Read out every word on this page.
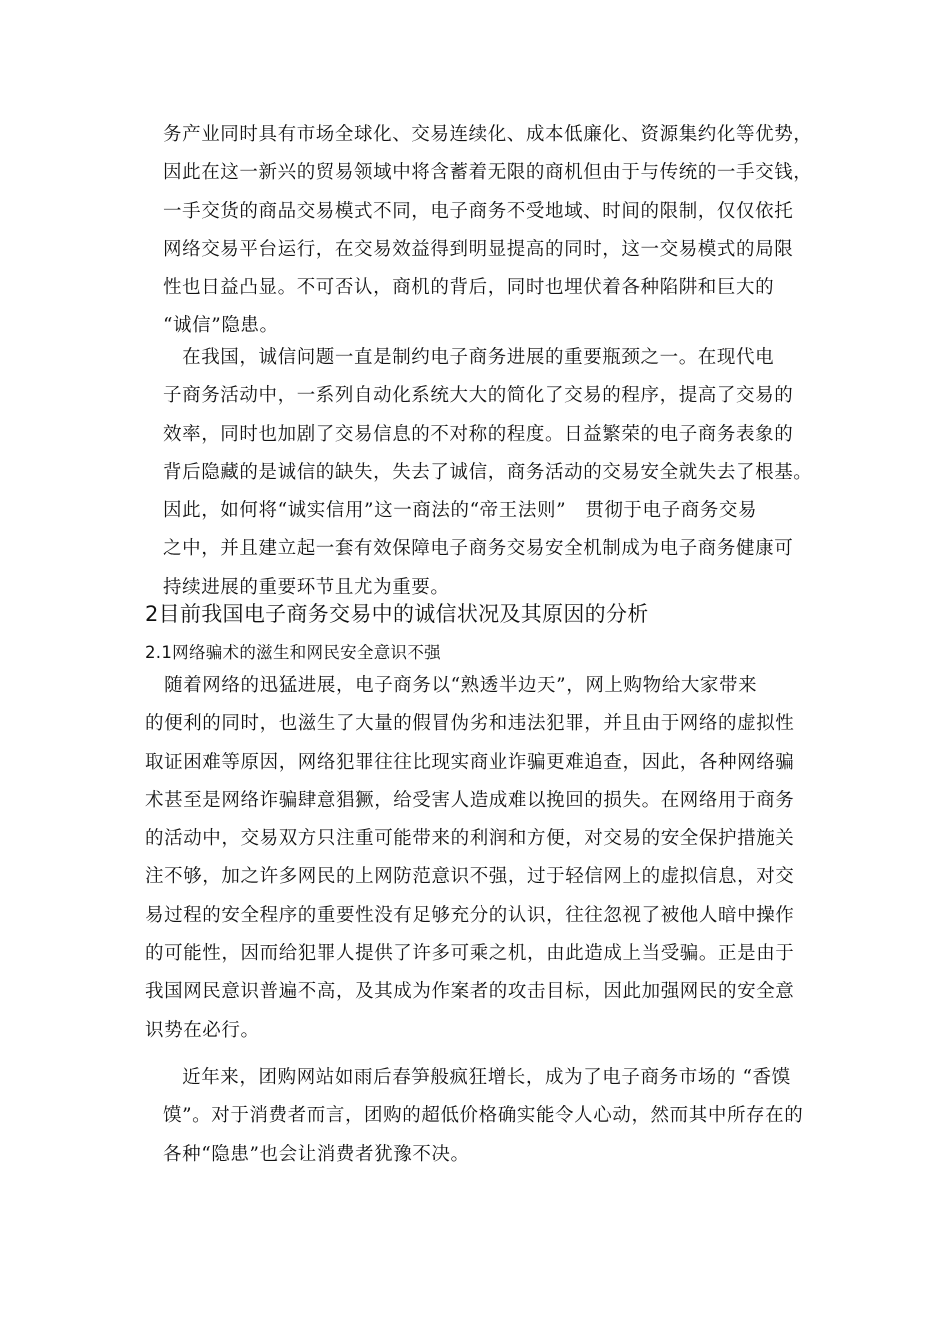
务产业同时具有市场全球化、交易连续化、成本低廉化、资源集约化等优势，
因此在这一新兴的贸易领域中将含蓄着无限的商机但由于与传统的一手交钱，
一手交货的商品交易模式不同，电子商务不受地域、时间的限制，仅仅依托
网络交易平台运行，在交易效益得到明显提高的同时，这一交易模式的局限
性也日益凸显。不可否认，商机的背后，同时也埋伏着各种陷阱和巨大的
“诚信”隐患。
　在我国，诚信问题一直是制约电子商务进展的重要瓶颈之一。在现代电
子商务活动中，一系列自动化系统大大的简化了交易的程序，提高了交易的
效率，同时也加剧了交易信息的不对称的程度。日益繁荣的电子商务表象的
背后隐藏的是诚信的缺失，失去了诚信，商务活动的交易安全就失去了根基。
因此，如何将“诚实信用”这一商法的“帝王法则”　贯彻于电子商务交易
之中，并且建立起一套有效保障电子商务交易安全机制成为电子商务健康可
持续进展的重要环节且尤为重要。
2目前我国电子商务交易中的诚信状况及其原因的分析
2.1网络骗术的滋生和网民安全意识不强
　随着网络的迅猛进展，电子商务以“熟透半边天”，网上购物给大家带来
的便利的同时，也滋生了大量的假冒伪劣和违法犯罪，并且由于网络的虚拟性
取证困难等原因，网络犯罪往往比现实商业诈骗更难追查，因此，各种网络骗
术甚至是网络诈骗肆意猖獗，给受害人造成难以挽回的损失。在网络用于商务
的活动中，交易双方只注重可能带来的利润和方便，对交易的安全保护措施关
注不够，加之许多网民的上网防范意识不强，过于轻信网上的虚拟信息，对交
易过程的安全程序的重要性没有足够充分的认识，往往忽视了被他人暗中操作
的可能性，因而给犯罪人提供了许多可乘之机，由此造成上当受骗。正是由于
我国网民意识普遍不高，及其成为作案者的攻击目标，因此加强网民的安全意
识势在必行。
　近年来，团购网站如雨后春笋般疯狂增长，成为了电子商务市场的 “香馍
馍”。对于消费者而言，团购的超低价格确实能令人心动，然而其中所存在的
各种“隐患”也会让消费者犹豫不决。
